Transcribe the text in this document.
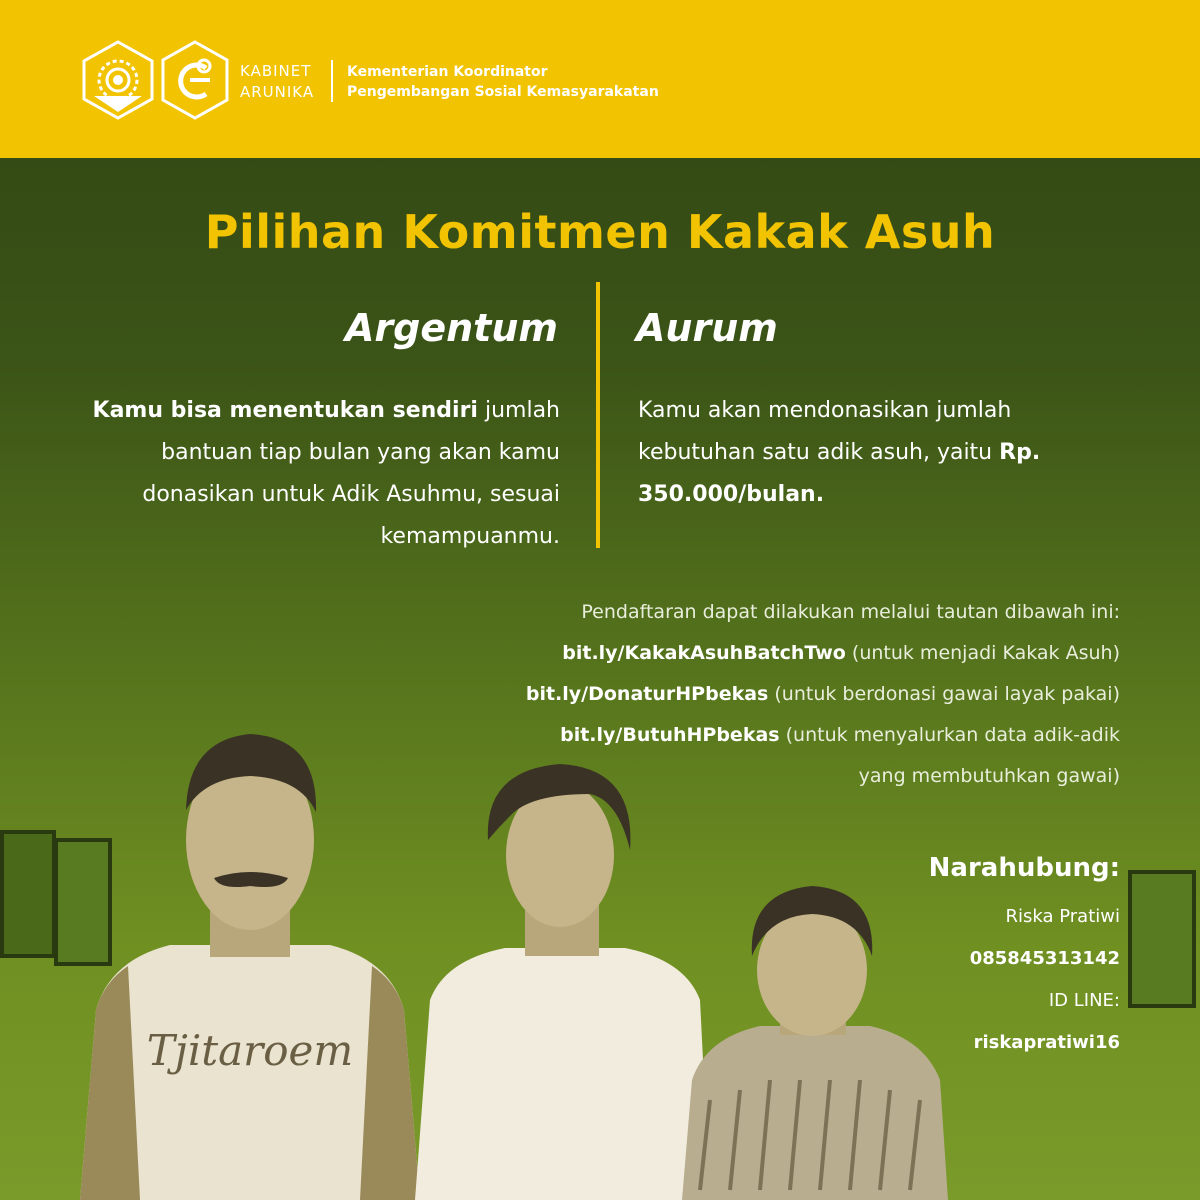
KABINET
ARUNIKA
Kementerian Koordinator
Pengembangan Sosial Kemasyarakatan
Pilihan Komitmen Kakak Asuh
Argentum Aurum
Kamu bisa menentukan sendiri jumlah bantuan tiap bulan yang akan kamu donasikan untuk Adik Asuhmu, sesuai kemampuanmu.
Kamu akan mendonasikan jumlah kebutuhan satu adik asuh, yaitu Rp. 350.000/bulan.
Tjitaroem
Pendaftaran dapat dilakukan melalui tautan dibawah ini:
bit.ly/KakakAsuhBatchTwo (untuk menjadi Kakak Asuh)
bit.ly/DonaturHPbekas (untuk berdonasi gawai layak pakai)
bit.ly/ButuhHPbekas (untuk menyalurkan data adik-adik
yang membutuhkan gawai)
Narahubung:
Riska Pratiwi
085845313142
ID LINE:
riskapratiwi16
